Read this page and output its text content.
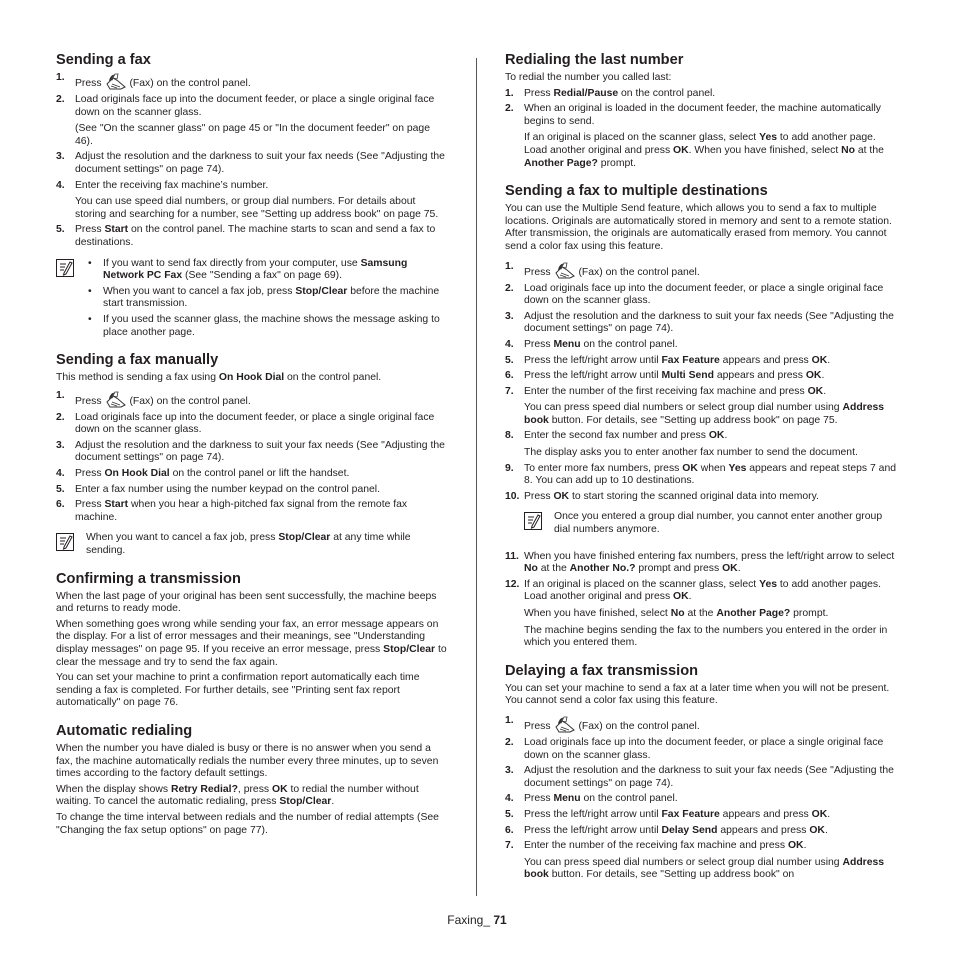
Sending a fax
1.
Press	(Fax) on the control panel.
2. Load originals face up into the document feeder, or place a single original face down on the scanner glass.
(See "On the scanner glass" on page 45 or "In the document feeder" on page 46).
3. Adjust the resolution and the darkness to suit your fax needs (See "Adjusting the document settings" on page 74).
4. Enter the receiving fax machine’s number.
You can use speed dial numbers, or group dial numbers. For details about storing and searching for a number, see "Setting up address book" on page 75.
5. Press Start on the control panel. The machine starts to scan and send a fax to destinations.
• If you want to send fax directly from your computer, use Samsung Network PC Fax (See "Sending a fax" on page 69).
• When you want to cancel a fax job, press Stop/Clear before the machine start transmission.
• If you used the scanner glass, the machine shows the message asking to place another page.
Sending a fax manually

This method is sending a fax using On Hook Dial on the control panel.

1.
Press	(Fax) on the control panel.
2. Load originals face up into the document feeder, or place a single original face down on the scanner glass.
3. Adjust the resolution and the darkness to suit your fax needs (See "Adjusting the document settings" on page 74).
4. Press On Hook Dial on the control panel or lift the handset.
5. Enter a fax number using the number keypad on the control panel.
6. Press Start when you hear a high-pitched fax signal from the remote fax machine.
When you want to cancel a fax job, press Stop/Clear at any time while sending.
Confirming a transmission

When the last page of your original has been sent successfully, the machine beeps and returns to ready mode.

When something goes wrong while sending your fax, an error message appears on the display. For a list of error messages and their meanings, see "Understanding display messages" on page 95. If you receive an error message, press Stop/Clear to clear the message and try to send the fax again.

You can set your machine to print a confirmation report automatically each time sending a fax is completed. For further details, see "Printing sent fax report automatically" on page 76.

Automatic redialing

When the number you have dialed is busy or there is no answer when you send a fax, the machine automatically redials the number every three minutes, up to seven times according to the factory default settings.

When the display shows Retry Redial?, press OK to redial the number without waiting. To cancel the automatic redialing, press Stop/Clear.

To change the time interval between redials and the number of redial attempts (See "Changing the fax setup options" on page 77).

Redialing the last number

To redial the number you called last:

1. Press Redial/Pause on the control panel.
2. When an original is loaded in the document feeder, the machine automatically begins to send.
If an original is placed on the scanner glass, select Yes to add another page. Load another original and press OK. When you have finished, select No at the Another Page? prompt.
Sending a fax to multiple destinations

You can use the Multiple Send feature, which allows you to send a fax to multiple locations. Originals are automatically stored in memory and sent to a remote station. After transmission, the originals are automatically erased from memory. You cannot send a color fax using this feature.

1.
Press	(Fax) on the control panel.
2. Load originals face up into the document feeder, or place a single original face down on the scanner glass.
3. Adjust the resolution and the darkness to suit your fax needs (See "Adjusting the document settings" on page 74).
4. Press Menu on the control panel.
5. Press the left/right arrow until Fax Feature appears and press OK.
6. Press the left/right arrow until Multi Send appears and press OK.
7. Enter the number of the first receiving fax machine and press OK.
You can press speed dial numbers or select group dial number using Address book button. For details, see "Setting up address book" on page 75.
8. Enter the second fax number and press OK.
The display asks you to enter another fax number to send the document.
9. To enter more fax numbers, press OK when Yes appears and repeat steps 7 and 8. You can add up to 10 destinations.
10. Press OK to start storing the scanned original data into memory.
Once you entered a group dial number, you cannot enter another group dial numbers anymore.
11. When you have finished entering fax numbers, press the left/right arrow to select No at the Another No.? prompt and press OK.
12. If an original is placed on the scanner glass, select Yes to add another pages. Load another original and press OK.
When you have finished, select No at the Another Page? prompt.
The machine begins sending the fax to the numbers you entered in the order in which you entered them.
Delaying a fax transmission

You can set your machine to send a fax at a later time when you will not be present. You cannot send a color fax using this feature.

1.
Press	(Fax) on the control panel.
2. Load originals face up into the document feeder, or place a single original face down on the scanner glass.
3. Adjust the resolution and the darkness to suit your fax needs (See "Adjusting the document settings" on page 74).
4. Press Menu on the control panel.
5. Press the left/right arrow until Fax Feature appears and press OK.
6. Press the left/right arrow until Delay Send appears and press OK.
7. Enter the number of the receiving fax machine and press OK.
You can press speed dial numbers or select group dial number using Address book button. For details, see "Setting up address book" on
Faxing_ 71
